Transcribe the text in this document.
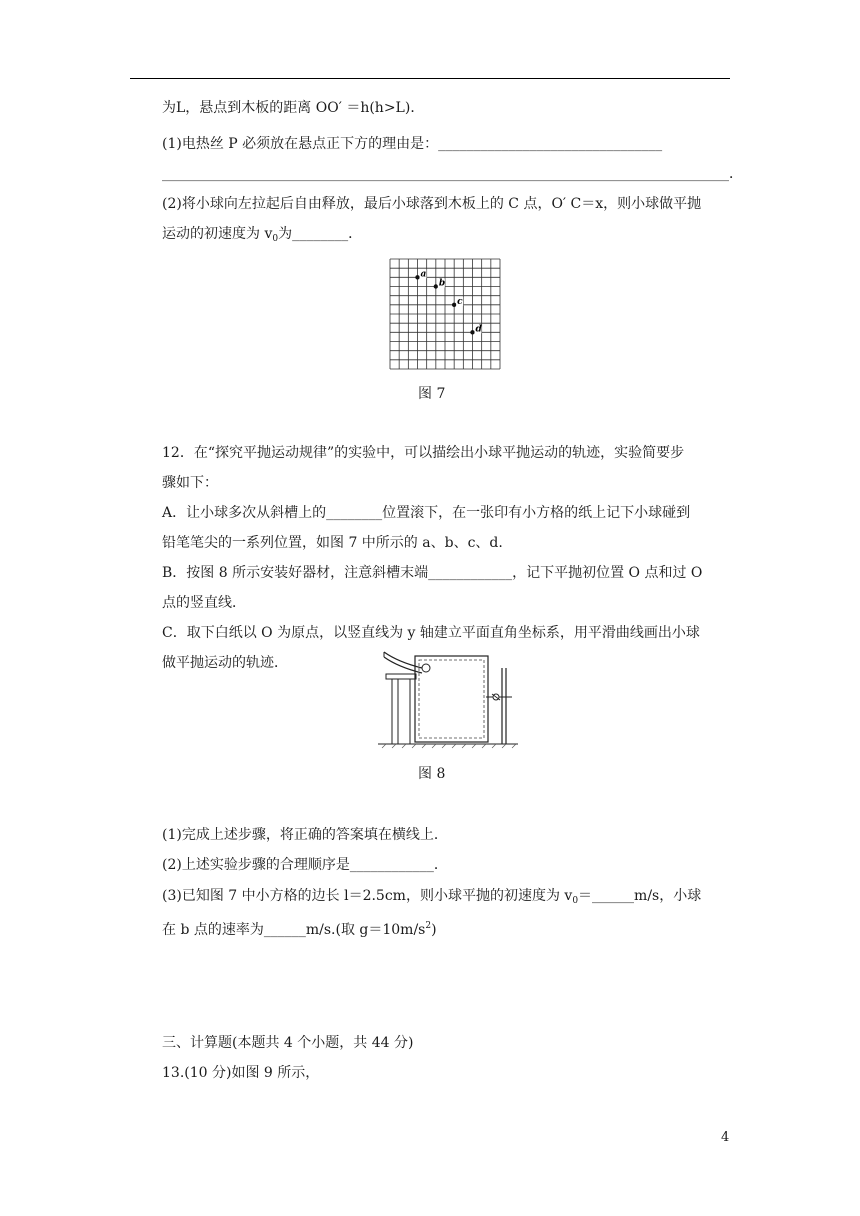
为L，悬点到木板的距离 OO′ ＝h(h>L)．
(1)电热丝 P 必须放在悬点正下方的理由是：________________________________
_________________________________________________________________________________．
(2)将小球向左拉起后自由释放，最后小球落到木板上的 C 点，O′ C＝x，则小球做平抛
运动的初速度为 $v_0$为________．
a
b
c
d
图 7
12．在“探究平抛运动规律”的实验中，可以描绘出小球平抛运动的轨迹，实验简要步
骤如下：
A．让小球多次从斜槽上的________位置滚下，在一张印有小方格的纸上记下小球碰到
铅笔笔尖的一系列位置，如图 7 中所示的 a、b、c、d.
B．按图 8 所示安装好器材，注意斜槽末端____________，记下平抛初位置 O 点和过 O
点的竖直线．
C．取下白纸以 O 为原点，以竖直线为 y 轴建立平面直角坐标系，用平滑曲线画出小球
做平抛运动的轨迹．
图 8
(1)完成上述步骤，将正确的答案填在横线上．
(2)上述实验步骤的合理顺序是____________．
(3)已知图 7 中小方格的边长 l＝2.5cm，则小球平抛的初速度为 $v_0=\_\_\_\_\_\_m/s$，小球
在 b 点的速率为______m/s.(取 $g=10m/s^2$)
三、计算题(本题共 4 个小题，共 44 分)
13.(10 分)如图 9 所示，
4
